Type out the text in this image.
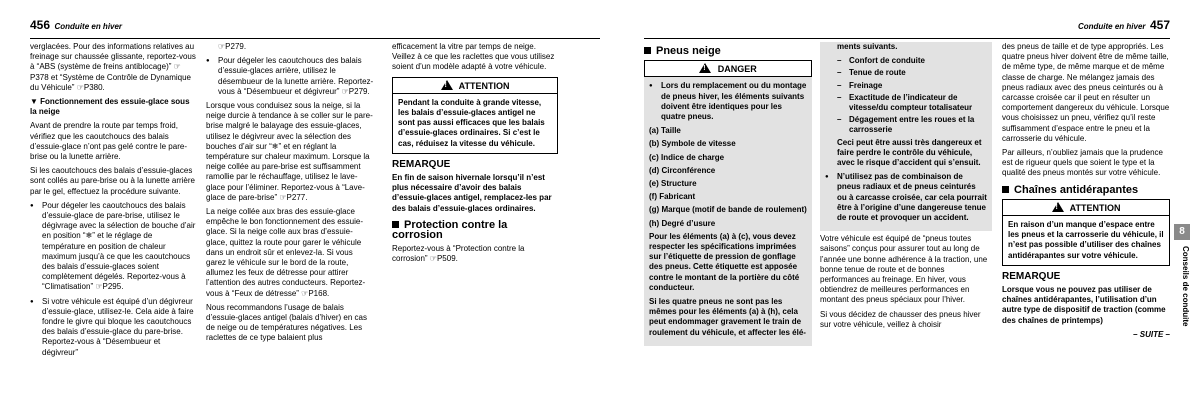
456 Conduite en hiver

verglacées. Pour des informations relatives au freinage sur chaussée glissante, reportez-vous à “ABS (système de freins antiblocage)” ☞P378 et “Système de Contrôle de Dynamique du Véhicule” ☞P380.

▼ Fonctionnement des essuie-glace sous la neige

Avant de prendre la route par temps froid, vérifiez que les caoutchoucs des balais d’essuie-glace n’ont pas gelé contre le pare-brise ou la lunette arrière.

Si les caoutchoucs des balais d’essuie-glaces sont collés au pare-brise ou à la lunette arrière par le gel, effectuez la procédure suivante.

● Pour dégeler les caoutchoucs des balais d’essuie-glace de pare-brise, utilisez le dégivrage avec la sélection de bouche d’air en position “❄” et le réglage de température en position de chaleur maximum jusqu’à ce que les caoutchoucs des balais d’essuie-glaces soient complètement dégelés. Reportez-vous à “Climatisation” ☞P295.
● Si votre véhicule est équipé d’un dégivreur d’essuie-glace, utilisez-le. Cela aide à faire fondre le givre qui bloque les caoutchoucs des balais d’essuie-glace du pare-brise. Reportez-vous à “Désembueur et dégivreur”

☞P279.

● Pour dégeler les caoutchoucs des balais d’essuie-glaces arrière, utilisez le désembueur de la lunette arrière. Reportez-vous à “Désembueur et dégivreur” ☞P279.

Lorsque vous conduisez sous la neige, si la neige durcie à tendance à se coller sur le pare-brise malgré le balayage des essuie-glaces, utilisez le dégivreur avec la sélection des bouches d’air sur “❄” et en réglant la température sur chaleur maximum. Lorsque la neige collée au pare-brise est suffisamment ramollie par le réchauffage, utilisez le lave-glace pour l’éliminer. Reportez-vous à “Lave-glace de pare-brise” ☞P277.

La neige collée aux bras des essuie-glace empêche le bon fonctionnement des essuie-glace. Si la neige colle aux bras d’essuie-glace, quittez la route pour garer le véhicule dans un endroit sûr et enlevez-la. Si vous garez le véhicule sur le bord de la route, allumez les feux de détresse pour attirer l’attention des autres conducteurs. Reportez-vous à “Feux de détresse” ☞P168.

Nous recommandons l’usage de balais d’essuie-glaces antigel (balais d’hiver) en cas de neige ou de températures négatives. Les raclettes de ce type balaient plus

efficacement la vitre par temps de neige. Veillez à ce que les raclettes que vous utilisez soient d’un modèle adapté à votre véhicule.

! ATTENTION
Pendant la conduite à grande vitesse, les balais d’essuie-glaces antigel ne sont pas aussi efficaces que les balais d’essuie-glaces ordinaires. Si c’est le cas, réduisez la vitesse du véhicule.
REMARQUE

En fin de saison hivernale lorsqu’il n’est plus nécessaire d’avoir des balais d’essuie-glaces antigel, remplacez-les par des balais d’essuie-glaces ordinaires.

Protection contre la corrosion

Reportez-vous à “Protection contre la corrosion” ☞P509.

Conduite en hiver 457
Pneus neige
! DANGER
● Lors du remplacement ou du montage de pneus hiver, les éléments suivants doivent être identiques pour les quatre pneus.
(a) Taille
(b) Symbole de vitesse
(c) Indice de charge
(d) Circonférence
(e) Structure
(f) Fabricant
(g) Marque (motif de bande de roulement)
(h) Degré d’usure

Pour les éléments (a) à (c), vous devez respecter les spécifications imprimées sur l’étiquette de pression de gonflage des pneus. Cette étiquette est apposée contre le montant de la portière du côté conducteur.

Si les quatre pneus ne sont pas les mêmes pour les éléments (a) à (h), cela peut endommager gravement le train de roulement du véhicule, et affecter les élé-

ments suivants.

– Confort de conduite
– Tenue de route
– Freinage
– Exactitude de l’indicateur de vitesse/du compteur totalisateur
– Dégagement entre les roues et la carrosserie

Ceci peut être aussi très dangereux et faire perdre le contrôle du véhicule, avec le risque d’accident qui s’ensuit.

● N’utilisez pas de combinaison de pneus radiaux et de pneus ceinturés ou à carcasse croisée, car cela pourrait être à l’origine d’une dangereuse tenue de route et provoquer un accident.

Votre véhicule est équipé de “pneus toutes saisons” conçus pour assurer tout au long de l’année une bonne adhérence à la traction, une bonne tenue de route et de bonnes performances au freinage. En hiver, vous obtiendrez de meilleures performances en montant des pneus spéciaux pour l’hiver.

Si vous décidez de chausser des pneus hiver sur votre véhicule, veillez à choisir

des pneus de taille et de type appropriés. Les quatre pneus hiver doivent être de même taille, de même type, de même marque et de même classe de charge. Ne mélangez jamais des pneus radiaux avec des pneus ceinturés ou à carcasse croisée car il peut en résulter un comportement dangereux du véhicule. Lorsque vous choisissez un pneu, vérifiez qu’il reste suffisamment d’espace entre le pneu et la carrosserie du véhicule.

Par ailleurs, n’oubliez jamais que la prudence est de rigueur quels que soient le type et la qualité des pneus montés sur votre véhicule.

Chaînes antidérapantes
! ATTENTION
En raison d’un manque d’espace entre les pneus et la carrosserie du véhicule, il n’est pas possible d’utiliser des chaînes antidérapantes sur votre véhicule.
REMARQUE

Lorsque vous ne pouvez pas utiliser de chaînes antidérapantes, l’utilisation d’un autre type de dispositif de traction (comme des chaînes de printemps)

– SUITE –

8
Conseils de conduite
